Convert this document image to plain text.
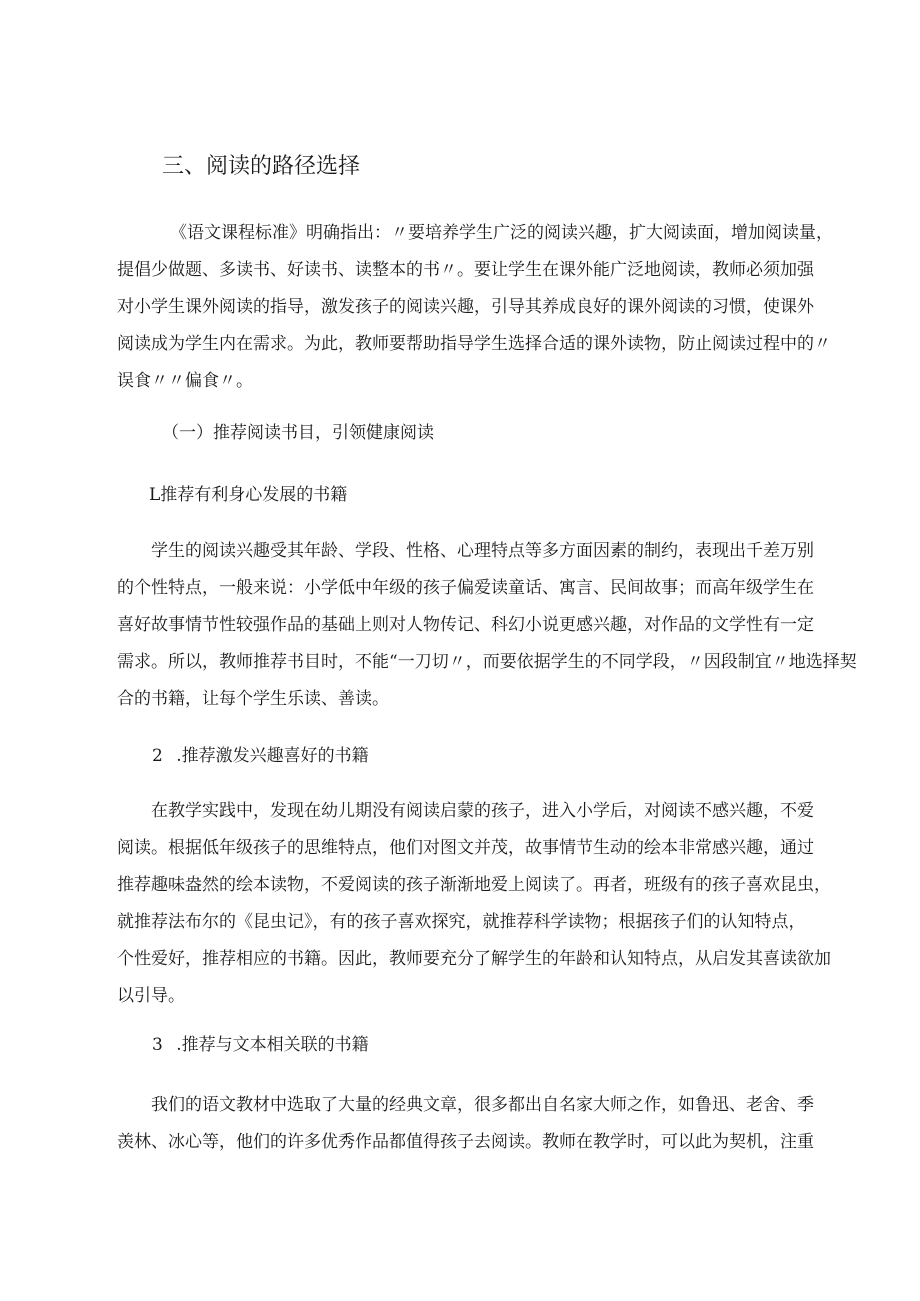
三、阅读的路径选择
《语文课程标准》明确指出：〃要培养学生广泛的阅读兴趣，扩大阅读面，增加阅读量，
提倡少做题、多读书、好读书、读整本的书〃。要让学生在课外能广泛地阅读，教师必须加强
对小学生课外阅读的指导，激发孩子的阅读兴趣，引导其养成良好的课外阅读的习惯，使课外
阅读成为学生内在需求。为此，教师要帮助指导学生选择合适的课外读物，防止阅读过程中的〃
误食〃〃偏食〃。
（一）推荐阅读书目，引领健康阅读
L推荐有利身心发展的书籍
学生的阅读兴趣受其年龄、学段、性格、心理特点等多方面因素的制约，表现出千差万别
的个性特点，一般来说：小学低中年级的孩子偏爱读童话、寓言、民间故事；而高年级学生在
喜好故事情节性较强作品的基础上则对人物传记、科幻小说更感兴趣，对作品的文学性有一定
需求。所以，教师推荐书目时，不能“一刀切〃，而要依据学生的不同学段，〃因段制宜〃地选择契
合的书籍，让每个学生乐读、善读。
2 .推荐激发兴趣喜好的书籍
在教学实践中，发现在幼儿期没有阅读启蒙的孩子，进入小学后，对阅读不感兴趣，不爱
阅读。根据低年级孩子的思维特点，他们对图文并茂，故事情节生动的绘本非常感兴趣，通过
推荐趣味盎然的绘本读物，不爱阅读的孩子渐渐地爱上阅读了。再者，班级有的孩子喜欢昆虫，
就推荐法布尔的《昆虫记》，有的孩子喜欢探究，就推荐科学读物；根据孩子们的认知特点，
个性爱好，推荐相应的书籍。因此，教师要充分了解学生的年龄和认知特点，从启发其喜读欲加
以引导。
3 .推荐与文本相关联的书籍
我们的语文教材中选取了大量的经典文章，很多都出自名家大师之作，如鲁迅、老舍、季
羡林、冰心等，他们的许多优秀作品都值得孩子去阅读。教师在教学时，可以此为契机，注重
